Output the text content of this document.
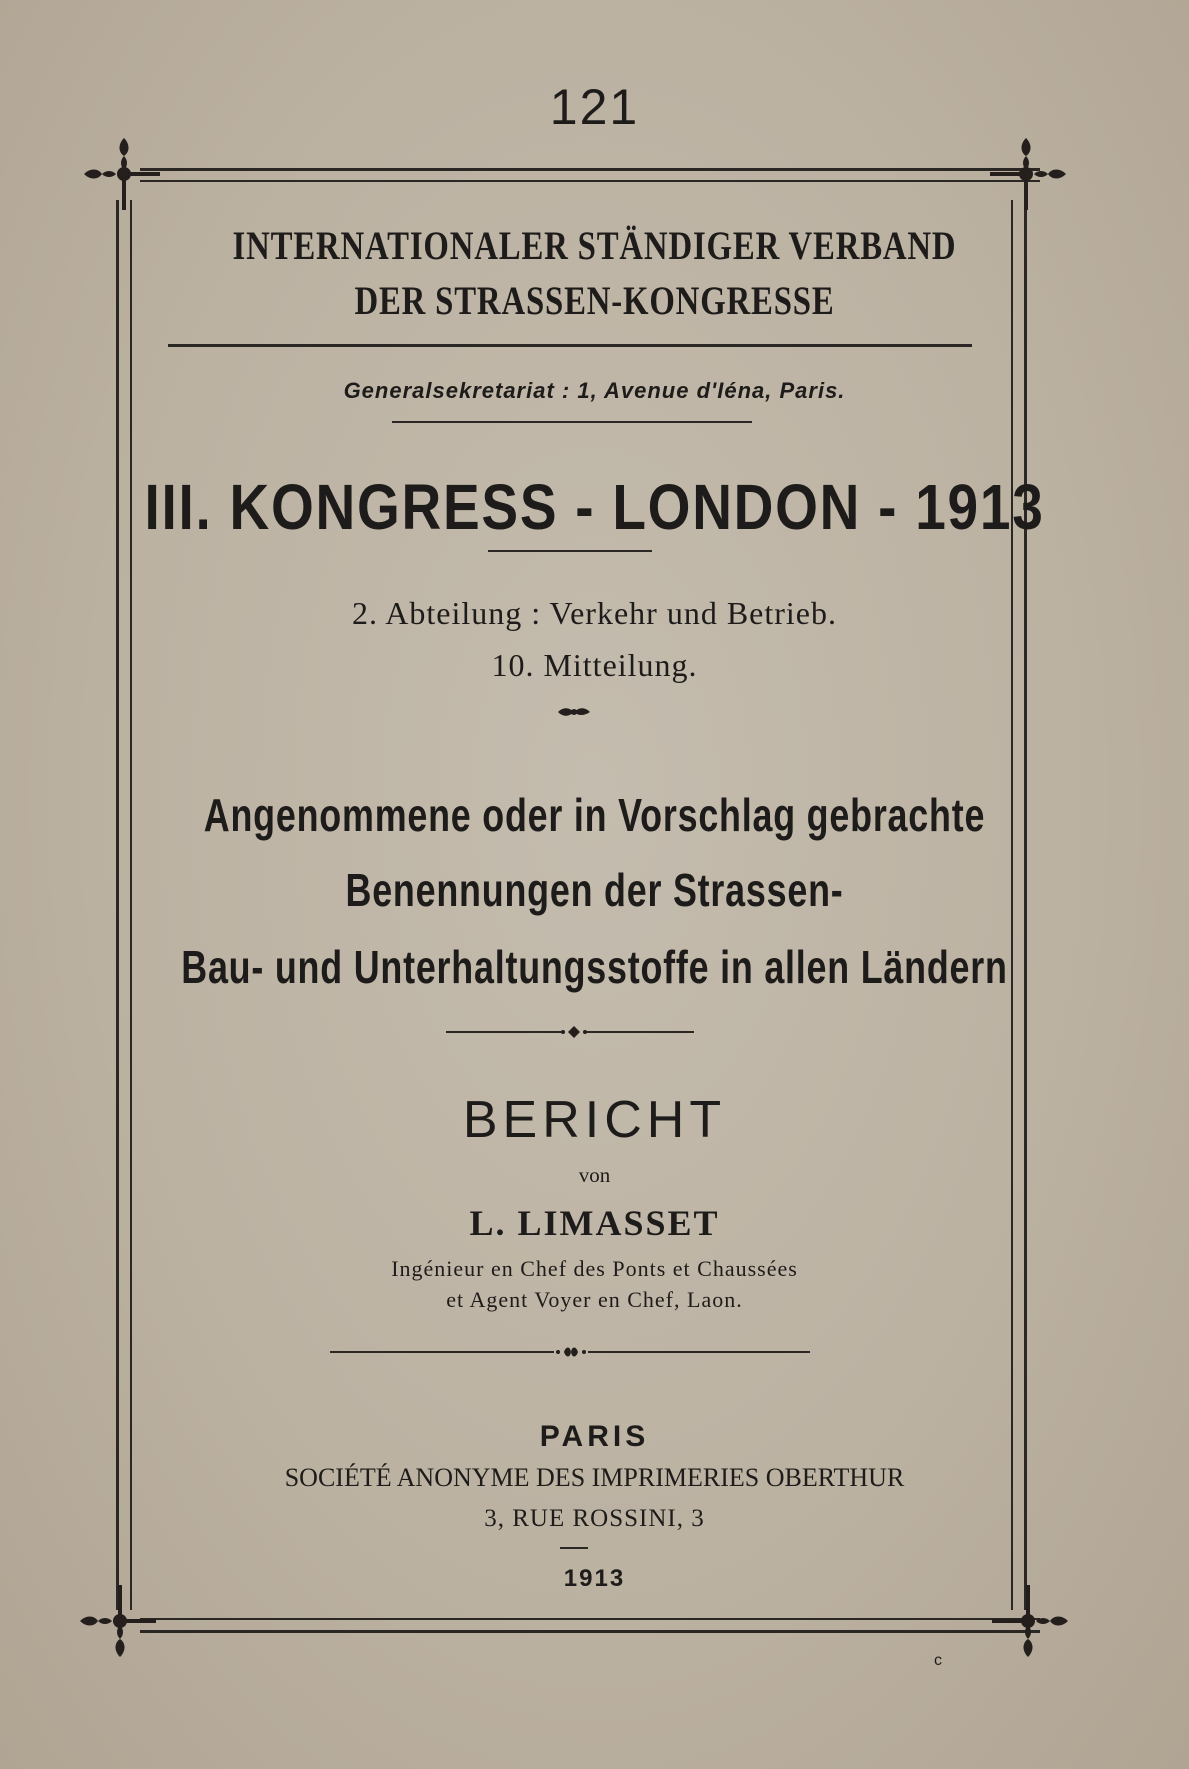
121
INTERNATIONALER STÄNDIGER VERBAND
DER STRASSEN-KONGRESSE
Generalsekretariat : 1, Avenue d'Iéna, Paris.
III. KONGRESS - LONDON - 1913
2. Abteilung : Verkehr und Betrieb.
10. Mitteilung.
Angenommene oder in Vorschlag gebrachte
Benennungen der Strassen-
Bau- und Unterhaltungsstoffe in allen Ländern
BERICHT
von
L. LIMASSET
Ingénieur en Chef des Ponts et Chaussées
et Agent Voyer en Chef, Laon.
PARIS
SOCIÉTÉ ANONYME DES IMPRIMERIES OBERTHUR
3, RUE ROSSINI, 3
1913
c
